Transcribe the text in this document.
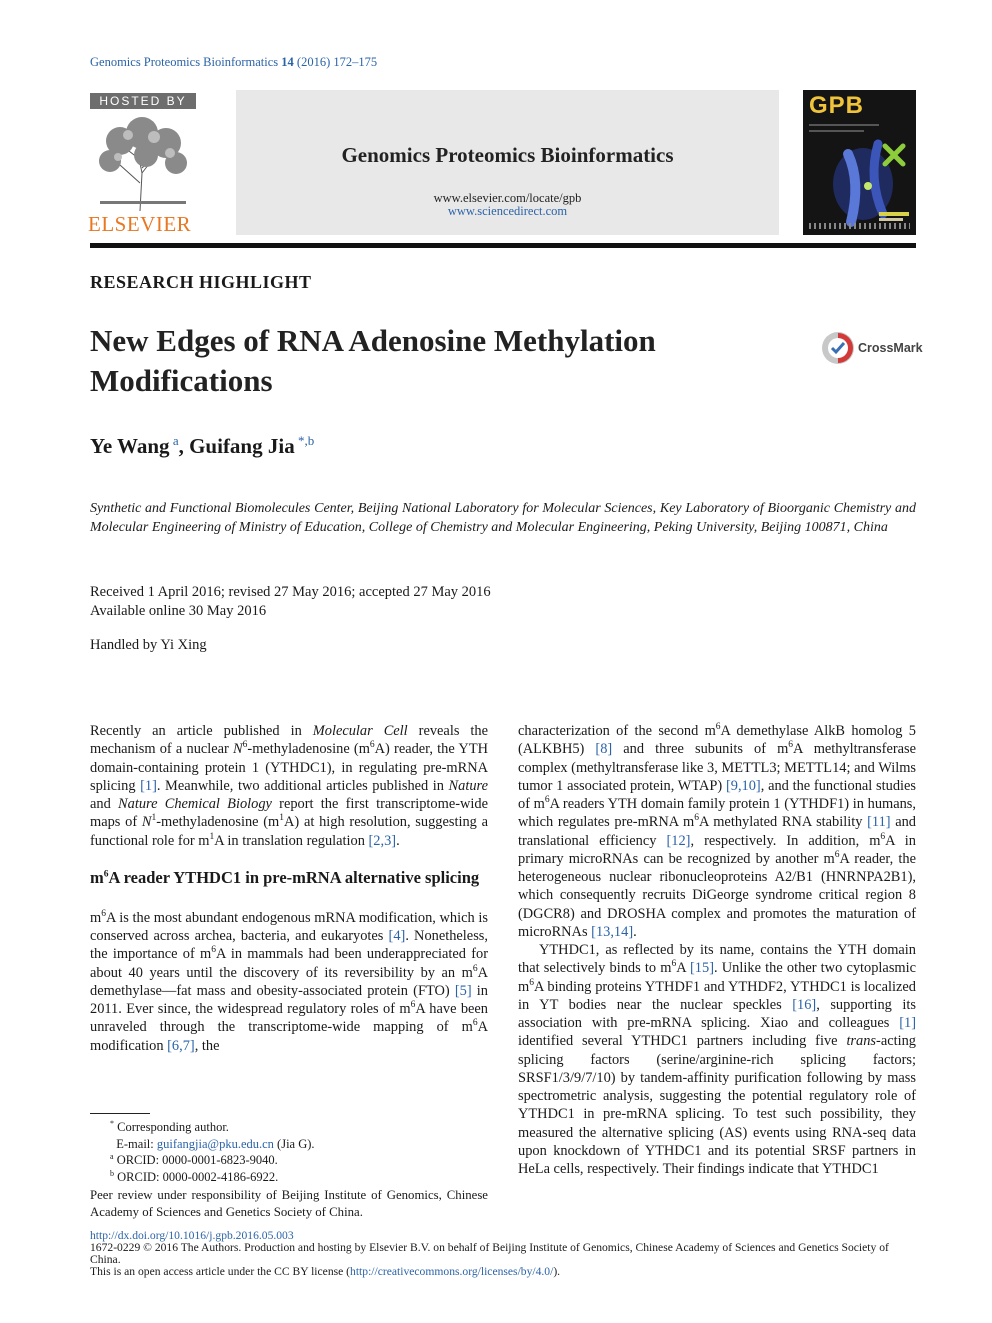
Genomics Proteomics Bioinformatics 14 (2016) 172–175
HOSTED BY
ELSEVIER
Genomics Proteomics Bioinformatics
www.elsevier.com/locate/gpb
www.sciencedirect.com
GPB
RESEARCH HIGHLIGHT
New Edges of RNA Adenosine Methylation Modifications
CrossMark
Ye Wang $^a$, Guifang Jia $^{*,b}$
Synthetic and Functional Biomolecules Center, Beijing National Laboratory for Molecular Sciences, Key Laboratory of Bioorganic Chemistry and Molecular Engineering of Ministry of Education, College of Chemistry and Molecular Engineering, Peking University, Beijing 100871, China
Received 1 April 2016; revised 27 May 2016; accepted 27 May 2016
Available online 30 May 2016
Handled by Yi Xing

Recently an article published in Molecular Cell reveals the mechanism of a nuclear $N^6$-methyladenosine $(m^6A)$ reader, the YTH domain-containing protein 1 (YTHDC1), in regulating pre-mRNA splicing [1]. Meanwhile, two additional articles published in Nature and Nature Chemical Biology report the first transcriptome-wide maps of $N^1$-methyladenosine $(m^1A)$ at high resolution, suggesting a functional role for $m^1A$ in translation regulation [2,3].

$m^6A$ reader YTHDC1 in pre-mRNA alternative splicing

$m^6A$ is the most abundant endogenous mRNA modification, which is conserved across archea, bacteria, and eukaryotes [4]. Nonetheless, the importance of $m^6A$ in mammals had been underappreciated for about 40 years until the discovery of its reversibility by an $m^6A$ demethylase—fat mass and obesity-associated protein (FTO) [5] in 2011. Ever since, the widespread regulatory roles of $m^6A$ have been unraveled through the transcriptome-wide mapping of $m^6A$ modification [6,7], the

characterization of the second $m^6A$ demethylase AlkB homolog 5 (ALKBH5) [8] and three subunits of $m^6A$ methyltransferase complex (methyltransferase like 3, METTL3; METTL14; and Wilms tumor 1 associated protein, WTAP) [9,10], and the functional studies of $m^6A$ readers YTH domain family protein 1 (YTHDF1) in humans, which regulates pre-mRNA $m^6A$ methylated RNA stability [11] and translational efficiency [12], respectively. In addition, $m^6A$ in primary microRNAs can be recognized by another $m^6A$ reader, the heterogeneous nuclear ribonucleoproteins A2/B1 (HNRNPA2B1), which consequently recruits DiGeorge syndrome critical region 8 (DGCR8) and DROSHA complex and promotes the maturation of microRNAs [13,14].

YTHDC1, as reflected by its name, contains the YTH domain that selectively binds to $m^6A$ [15]. Unlike the other two cytoplasmic $m^6A$ binding proteins YTHDF1 and YTHDF2, YTHDC1 is localized in YT bodies near the nuclear speckles [16], supporting its association with pre-mRNA splicing. Xiao and colleagues [1] identified several YTHDC1 partners including five trans-acting splicing factors (serine/arginine-rich splicing factors; SRSF1/3/9/7/10) by tandem-affinity purification following by mass spectrometric analysis, suggesting the potential regulatory role of YTHDC1 in pre-mRNA splicing. To test such possibility, they measured the alternative splicing (AS) events using RNA-seq data upon knockdown of YTHDC1 and its potential SRSF partners in HeLa cells, respectively. Their findings indicate that YTHDC1

* Corresponding author.
E-mail: guifangjia@pku.edu.cn (Jia G).
$^a$ ORCID: 0000-0001-6823-9040.
$^b$ ORCID: 0000-0002-4186-6922.
Peer review under responsibility of Beijing Institute of Genomics, Chinese Academy of Sciences and Genetics Society of China.
http://dx.doi.org/10.1016/j.gpb.2016.05.003
1672-0229 © 2016 The Authors. Production and hosting by Elsevier B.V. on behalf of Beijing Institute of Genomics, Chinese Academy of Sciences and Genetics Society of China.
This is an open access article under the CC BY license (http://creativecommons.org/licenses/by/4.0/).
